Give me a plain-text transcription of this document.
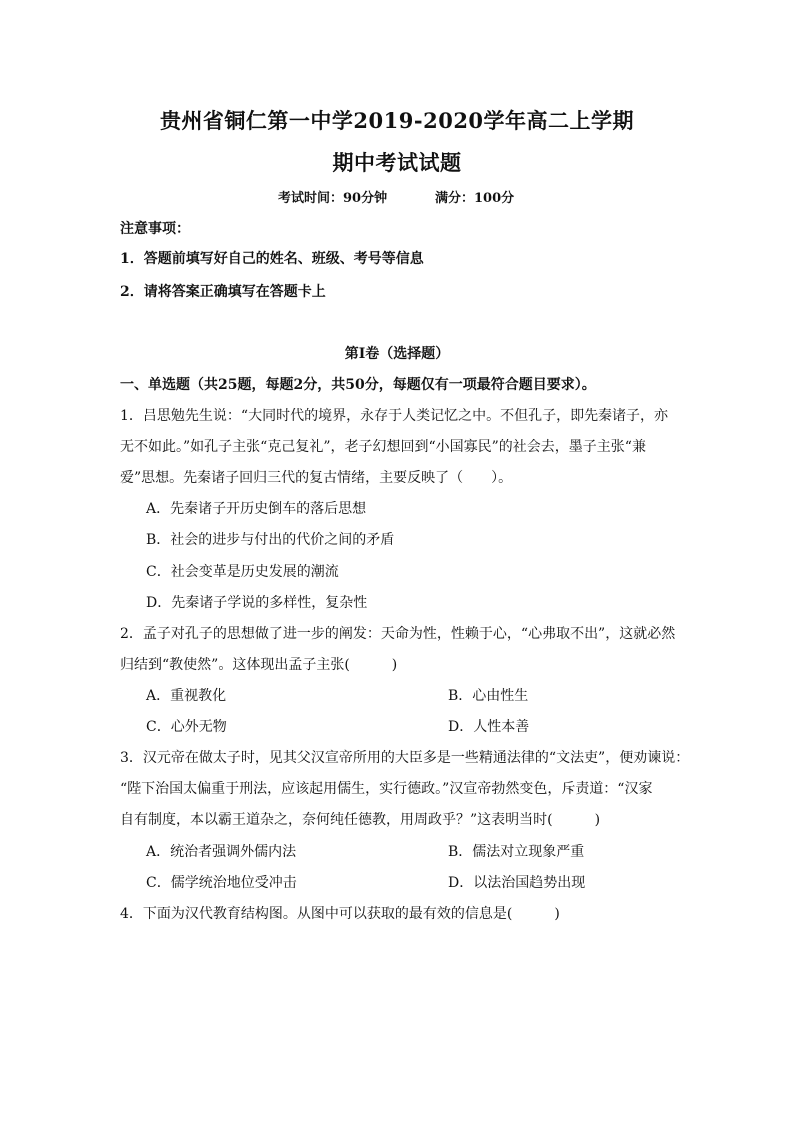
贵州省铜仁第一中学2019-2020学年高二上学期
期中考试试题
考试时间：90分钟	满分：100分
注意事项：
1．答题前填写好自己的姓名、班级、考号等信息
2．请将答案正确填写在答题卡上
第I卷（选择题）
一、单选题（共25题，每题2分，共50分，每题仅有一项最符合题目要求）。
1．吕思勉先生说：“大同时代的境界，永存于人类记忆之中。不但孔子，即先秦诸子，亦
无不如此。”如孔子主张“克己复礼”，老子幻想回到“小国寡民”的社会去，墨子主张“兼
爱”思想。先秦诸子回归三代的复古情绪，主要反映了（　　）。
A．先秦诸子开历史倒车的落后思想
B．社会的进步与付出的代价之间的矛盾
C．社会变革是历史发展的潮流
D．先秦诸子学说的多样性，复杂性
2．孟子对孔子的思想做了进一步的阐发：天命为性，性赖于心，“心弗取不出”，这就必然
归结到“教使然”。这体现出孟子主张(　　　)
A．重视教化	B．心由性生
C．心外无物	D．人性本善
3．汉元帝在做太子时，见其父汉宣帝所用的大臣多是一些精通法律的“文法吏”，便劝谏说：
“陛下治国太偏重于刑法，应该起用儒生，实行德政。”汉宣帝勃然变色，斥责道：“汉家
自有制度，本以霸王道杂之，奈何纯任德教，用周政乎？”这表明当时(　　　)
A．统治者强调外儒内法	B．儒法对立现象严重
C．儒学统治地位受冲击	D．以法治国趋势出现
4．下面为汉代教育结构图。从图中可以获取的最有效的信息是(　　　)
